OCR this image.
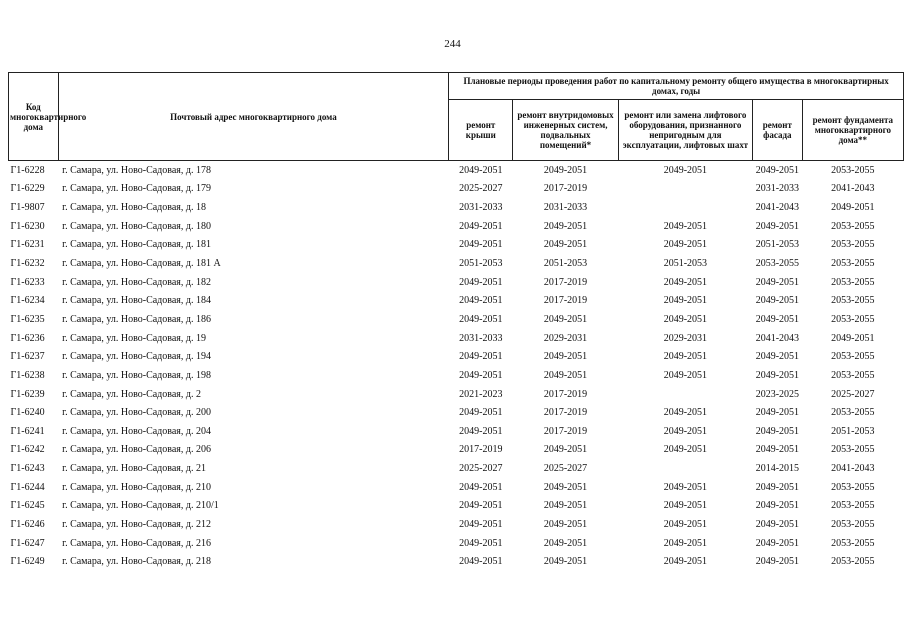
244
Код многоквартирного дома	Почтовый адрес многоквартирного дома	Плановые периоды проведения работ по капитальному ремонту общего имущества в многоквартирных домах, годы				
		ремонт крыши	ремонт внутридомовых инженерных систем, подвальных помещений*	ремонт или замена лифтового оборудования, признанного непригодным для эксплуатации, лифтовых шахт	ремонт фасада	ремонт фундамента многоквартирного дома**
Г1-6228	г. Самара, ул. Ново-Садовая, д. 178	2049-2051	2049-2051	2049-2051	2049-2051	2053-2055
Г1-6229	г. Самара, ул. Ново-Садовая, д. 179	2025-2027	2017-2019		2031-2033	2041-2043
Г1-9807	г. Самара, ул. Ново-Садовая, д. 18	2031-2033	2031-2033		2041-2043	2049-2051
Г1-6230	г. Самара, ул. Ново-Садовая, д. 180	2049-2051	2049-2051	2049-2051	2049-2051	2053-2055
Г1-6231	г. Самара, ул. Ново-Садовая, д. 181	2049-2051	2049-2051	2049-2051	2051-2053	2053-2055
Г1-6232	г. Самара, ул. Ново-Садовая, д. 181 А	2051-2053	2051-2053	2051-2053	2053-2055	2053-2055
Г1-6233	г. Самара, ул. Ново-Садовая, д. 182	2049-2051	2017-2019	2049-2051	2049-2051	2053-2055
Г1-6234	г. Самара, ул. Ново-Садовая, д. 184	2049-2051	2017-2019	2049-2051	2049-2051	2053-2055
Г1-6235	г. Самара, ул. Ново-Садовая, д. 186	2049-2051	2049-2051	2049-2051	2049-2051	2053-2055
Г1-6236	г. Самара, ул. Ново-Садовая, д. 19	2031-2033	2029-2031	2029-2031	2041-2043	2049-2051
Г1-6237	г. Самара, ул. Ново-Садовая, д. 194	2049-2051	2049-2051	2049-2051	2049-2051	2053-2055
Г1-6238	г. Самара, ул. Ново-Садовая, д. 198	2049-2051	2049-2051	2049-2051	2049-2051	2053-2055
Г1-6239	г. Самара, ул. Ново-Садовая, д. 2	2021-2023	2017-2019		2023-2025	2025-2027
Г1-6240	г. Самара, ул. Ново-Садовая, д. 200	2049-2051	2017-2019	2049-2051	2049-2051	2053-2055
Г1-6241	г. Самара, ул. Ново-Садовая, д. 204	2049-2051	2017-2019	2049-2051	2049-2051	2051-2053
Г1-6242	г. Самара, ул. Ново-Садовая, д. 206	2017-2019	2049-2051	2049-2051	2049-2051	2053-2055
Г1-6243	г. Самара, ул. Ново-Садовая, д. 21	2025-2027	2025-2027		2014-2015	2041-2043
Г1-6244	г. Самара, ул. Ново-Садовая, д. 210	2049-2051	2049-2051	2049-2051	2049-2051	2053-2055
Г1-6245	г. Самара, ул. Ново-Садовая, д. 210/1	2049-2051	2049-2051	2049-2051	2049-2051	2053-2055
Г1-6246	г. Самара, ул. Ново-Садовая, д. 212	2049-2051	2049-2051	2049-2051	2049-2051	2053-2055
Г1-6247	г. Самара, ул. Ново-Садовая, д. 216	2049-2051	2049-2051	2049-2051	2049-2051	2053-2055
Г1-6249	г. Самара, ул. Ново-Садовая, д. 218	2049-2051	2049-2051	2049-2051	2049-2051	2053-2055
